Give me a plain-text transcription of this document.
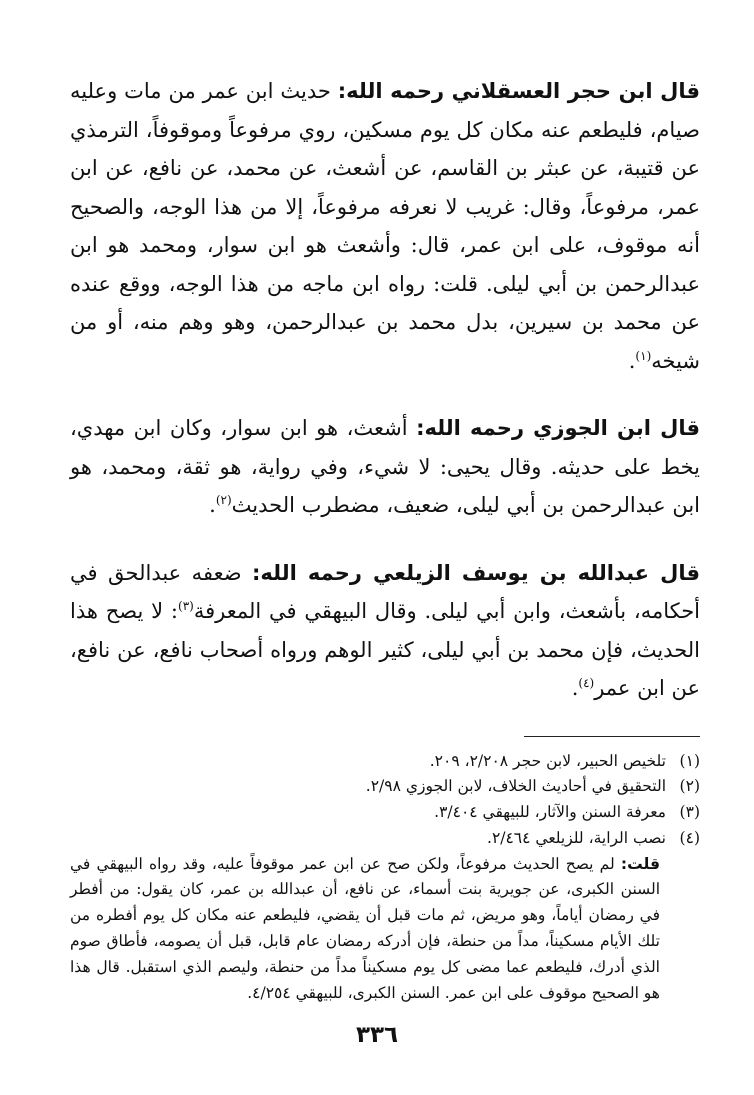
قال ابن حجر العسقلاني رحمه الله: حديث ابن عمر من مات وعليه صيام، فليطعم عنه مكان كل يوم مسكين، روي مرفوعاً وموقوفاً، الترمذي عن قتيبة، عن عبثر بن القاسم، عن أشعث، عن محمد، عن نافع، عن ابن عمر، مرفوعاً، وقال: غريب لا نعرفه مرفوعاً، إلا من هذا الوجه، والصحيح أنه موقوف، على ابن عمر، قال: وأشعث هو ابن سوار، ومحمد هو ابن عبدالرحمن بن أبي ليلى. قلت: رواه ابن ماجه من هذا الوجه، ووقع عنده عن محمد بن سيرين، بدل محمد بن عبدالرحمن، وهو وهم منه، أو من شيخه$^{(١)}$.

قال ابن الجوزي رحمه الله: أشعث، هو ابن سوار، وكان ابن مهدي، يخط على حديثه. وقال يحيى: لا شيء، وفي رواية، هو ثقة، ومحمد، هو ابن عبدالرحمن بن أبي ليلى، ضعيف، مضطرب الحديث$^{(٢)}$.

قال عبدالله بن يوسف الزيلعي رحمه الله: ضعفه عبدالحق في أحكامه، بأشعث، وابن أبي ليلى. وقال البيهقي في المعرفة$^{(٣)}$: لا يصح هذا الحديث، فإن محمد بن أبي ليلى، كثير الوهم ورواه أصحاب نافع، عن نافع، عن ابن عمر$^{(٤)}$.

(١)تلخيص الحبير، لابن حجر ٢/٢٠٨، ٢٠٩.

(٢)التحقيق في أحاديث الخلاف، لابن الجوزي ٢/٩٨.

(٣)معرفة السنن والآثار، للبيهقي ٣/٤٠٤.

(٤)نصب الراية، للزيلعي ٢/٤٦٤.

قلت: لم يصح الحديث مرفوعاً، ولكن صح عن ابن عمر موقوفاً عليه، وقد رواه البيهقي في السنن الكبرى، عن جويرية بنت أسماء، عن نافع، أن عبدالله بن عمر، كان يقول: من أفطر في رمضان أياماً، وهو مريض، ثم مات قبل أن يقضي، فليطعم عنه مكان كل يوم أفطره من تلك الأيام مسكيناً، مداً من حنطة، فإن أدركه رمضان عام قابل، قبل أن يصومه، فأطاق صوم الذي أدرك، فليطعم عما مضى كل يوم مسكيناً مداً من حنطة، وليصم الذي استقبل. قال هذا هو الصحيح موقوف على ابن عمر. السنن الكبرى، للبيهقي ٤/٢٥٤.

٣٣٦
